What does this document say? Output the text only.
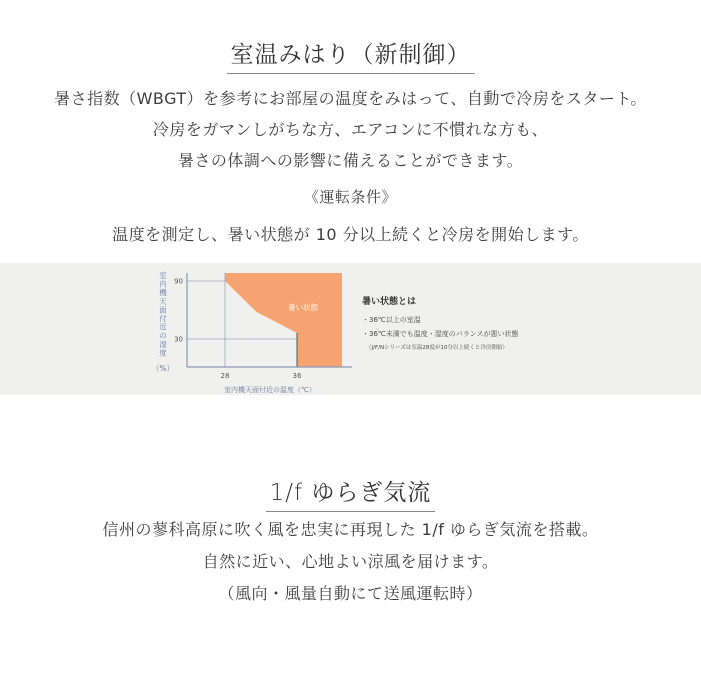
室温みはり（新制御）
暑さ指数（WBGT）を参考にお部屋の温度をみはって、自動で冷房をスタート。
冷房をガマンしがちな方、エアコンに不慣れな方も、
暑さの体調への影響に備えることができます。
《運転条件》
温度を測定し、暑い状態が 10 分以上続くと冷房を開始します。
室
内
機
天
面
付
近
の
湿
度
（%）
暑い状態
90
30
28	36
室内機天面付近の温度（℃）
暑い状態とは
・36℃以上の室温
・36℃未満でも温度・湿度のバランスが悪い状態
（J/F/Nシリーズは室温28度が10分以上続くと冷房開始）
1/f ゆらぎ気流
信州の蓼科高原に吹く風を忠実に再現した 1/f ゆらぎ気流を搭載。
自然に近い、心地よい涼風を届けます。
（風向・風量自動にて送風運転時）
